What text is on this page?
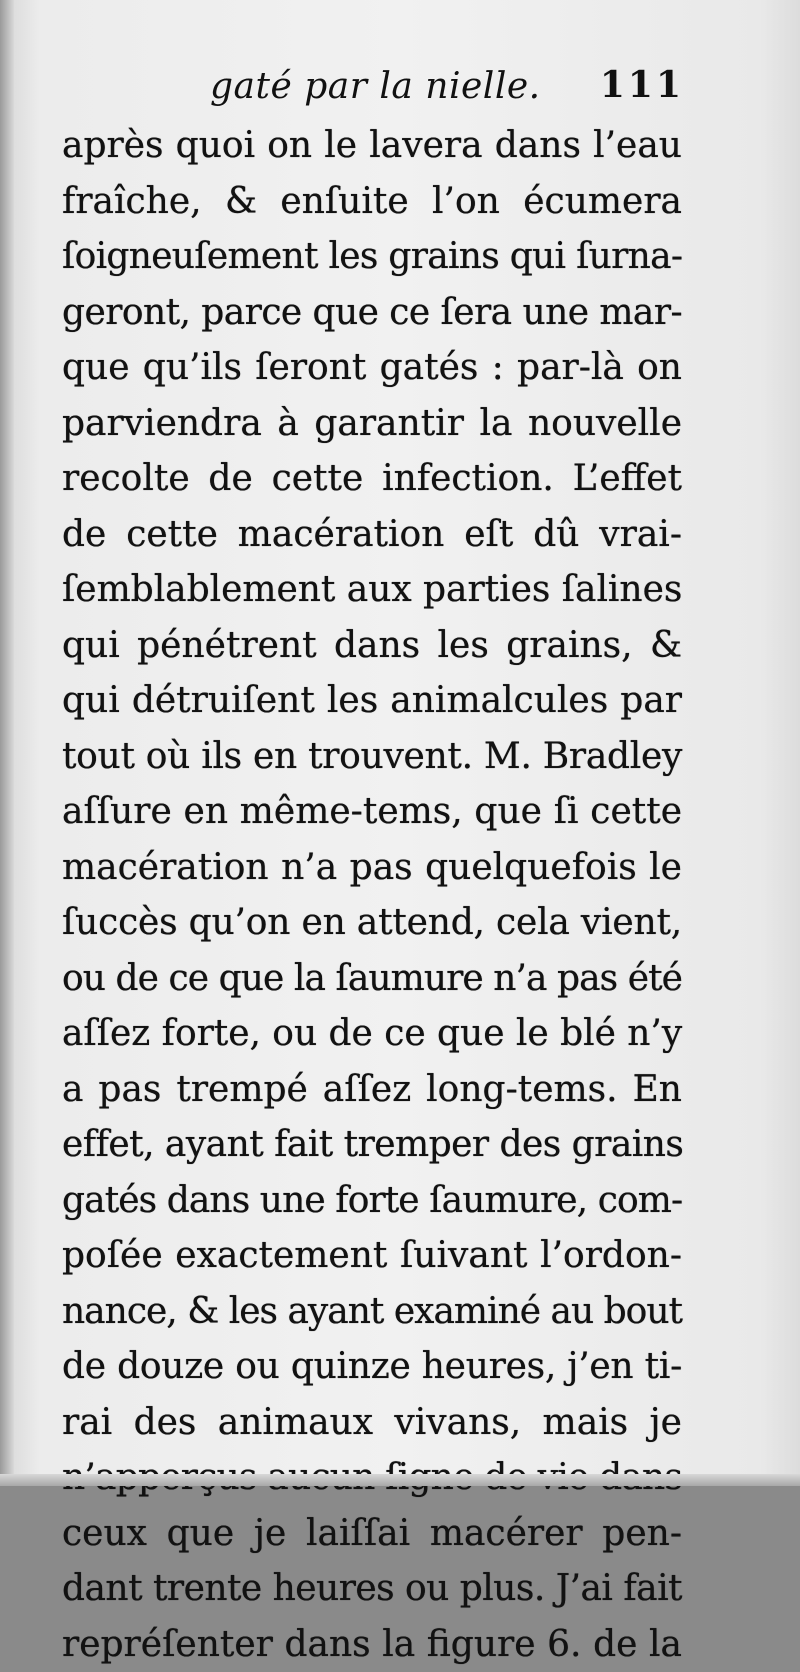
gaté par la nielle. 111
après quoi on le lavera dans l’eau
fraîche, & enſuite l’on écumera
ſoigneuſement les grains qui ſurna-
geront, parce que ce ſera une mar-
que qu’ils ſeront gatés : par-là on
parviendra à garantir la nouvelle
recolte de cette infection. L’effet
de cette macération eſt dû vrai-
ſemblablement aux parties ſalines
qui pénétrent dans les grains, &
qui détruiſent les animalcules par
tout où ils en trouvent. M. Bradley
aſſure en même-tems, que ſi cette
macération n’a pas quelquefois le
ſuccès qu’on en attend, cela vient,
ou de ce que la ſaumure n’a pas été
aſſez forte, ou de ce que le blé n’y
a pas trempé aſſez long-tems. En
effet, ayant fait tremper des grains
gatés dans une forte ſaumure, com-
poſée exactement ſuivant l’ordon-
nance, & les ayant examiné au bout
de douze ou quinze heures, j’en ti-
rai des animaux vivans, mais je
ceux que je laiſſai macérer pen-
dant trente heures ou plus. J’ai fait
repréſenter dans la figure 6. de la
